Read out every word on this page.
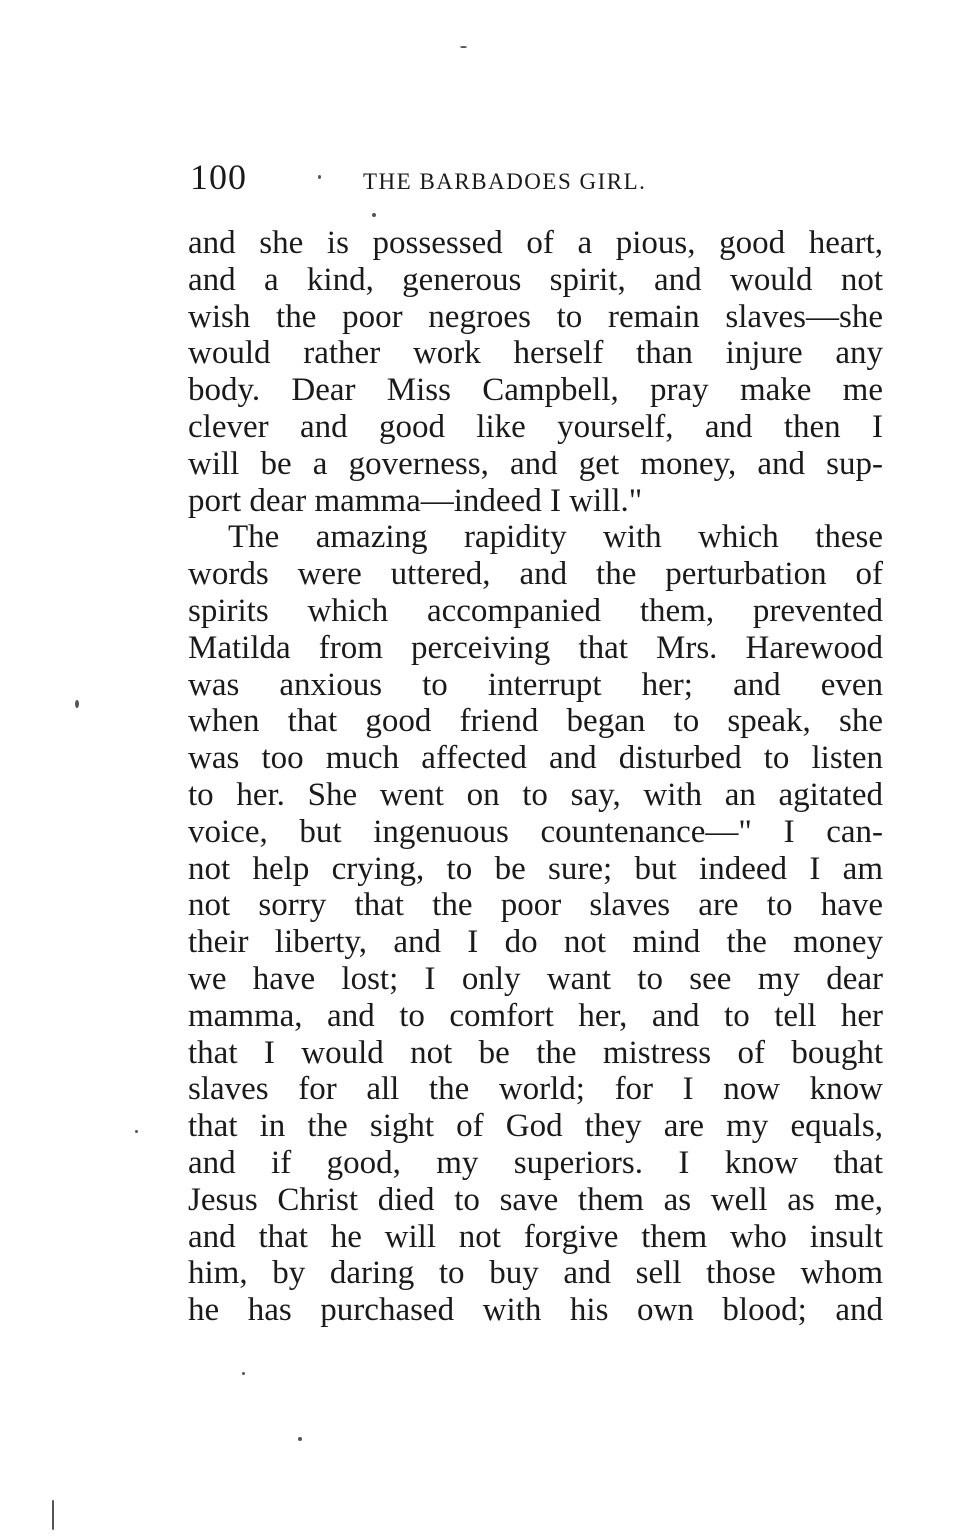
100	THE BARBADOES GIRL.
and she is possessed of a pious, good heart,
and a kind, generous spirit, and would not
wish the poor negroes to remain slaves—she
would rather work herself than injure any
body. Dear Miss Campbell, pray make me
clever and good like yourself, and then I
will be a governess, and get money, and sup-
port dear mamma—indeed I will."
The amazing rapidity with which these
words were uttered, and the perturbation of
spirits which accompanied them, prevented
Matilda from perceiving that Mrs. Harewood
was anxious to interrupt her; and even
when that good friend began to speak, she
was too much affected and disturbed to listen
to her. She went on to say, with an agitated
voice, but ingenuous countenance—" I can-
not help crying, to be sure; but indeed I am
not sorry that the poor slaves are to have
their liberty, and I do not mind the money
we have lost; I only want to see my dear
mamma, and to comfort her, and to tell her
that I would not be the mistress of bought
slaves for all the world; for I now know
that in the sight of God they are my equals,
and if good, my superiors. I know that
Jesus Christ died to save them as well as me,
and that he will not forgive them who insult
him, by daring to buy and sell those whom
he has purchased with his own blood; and
